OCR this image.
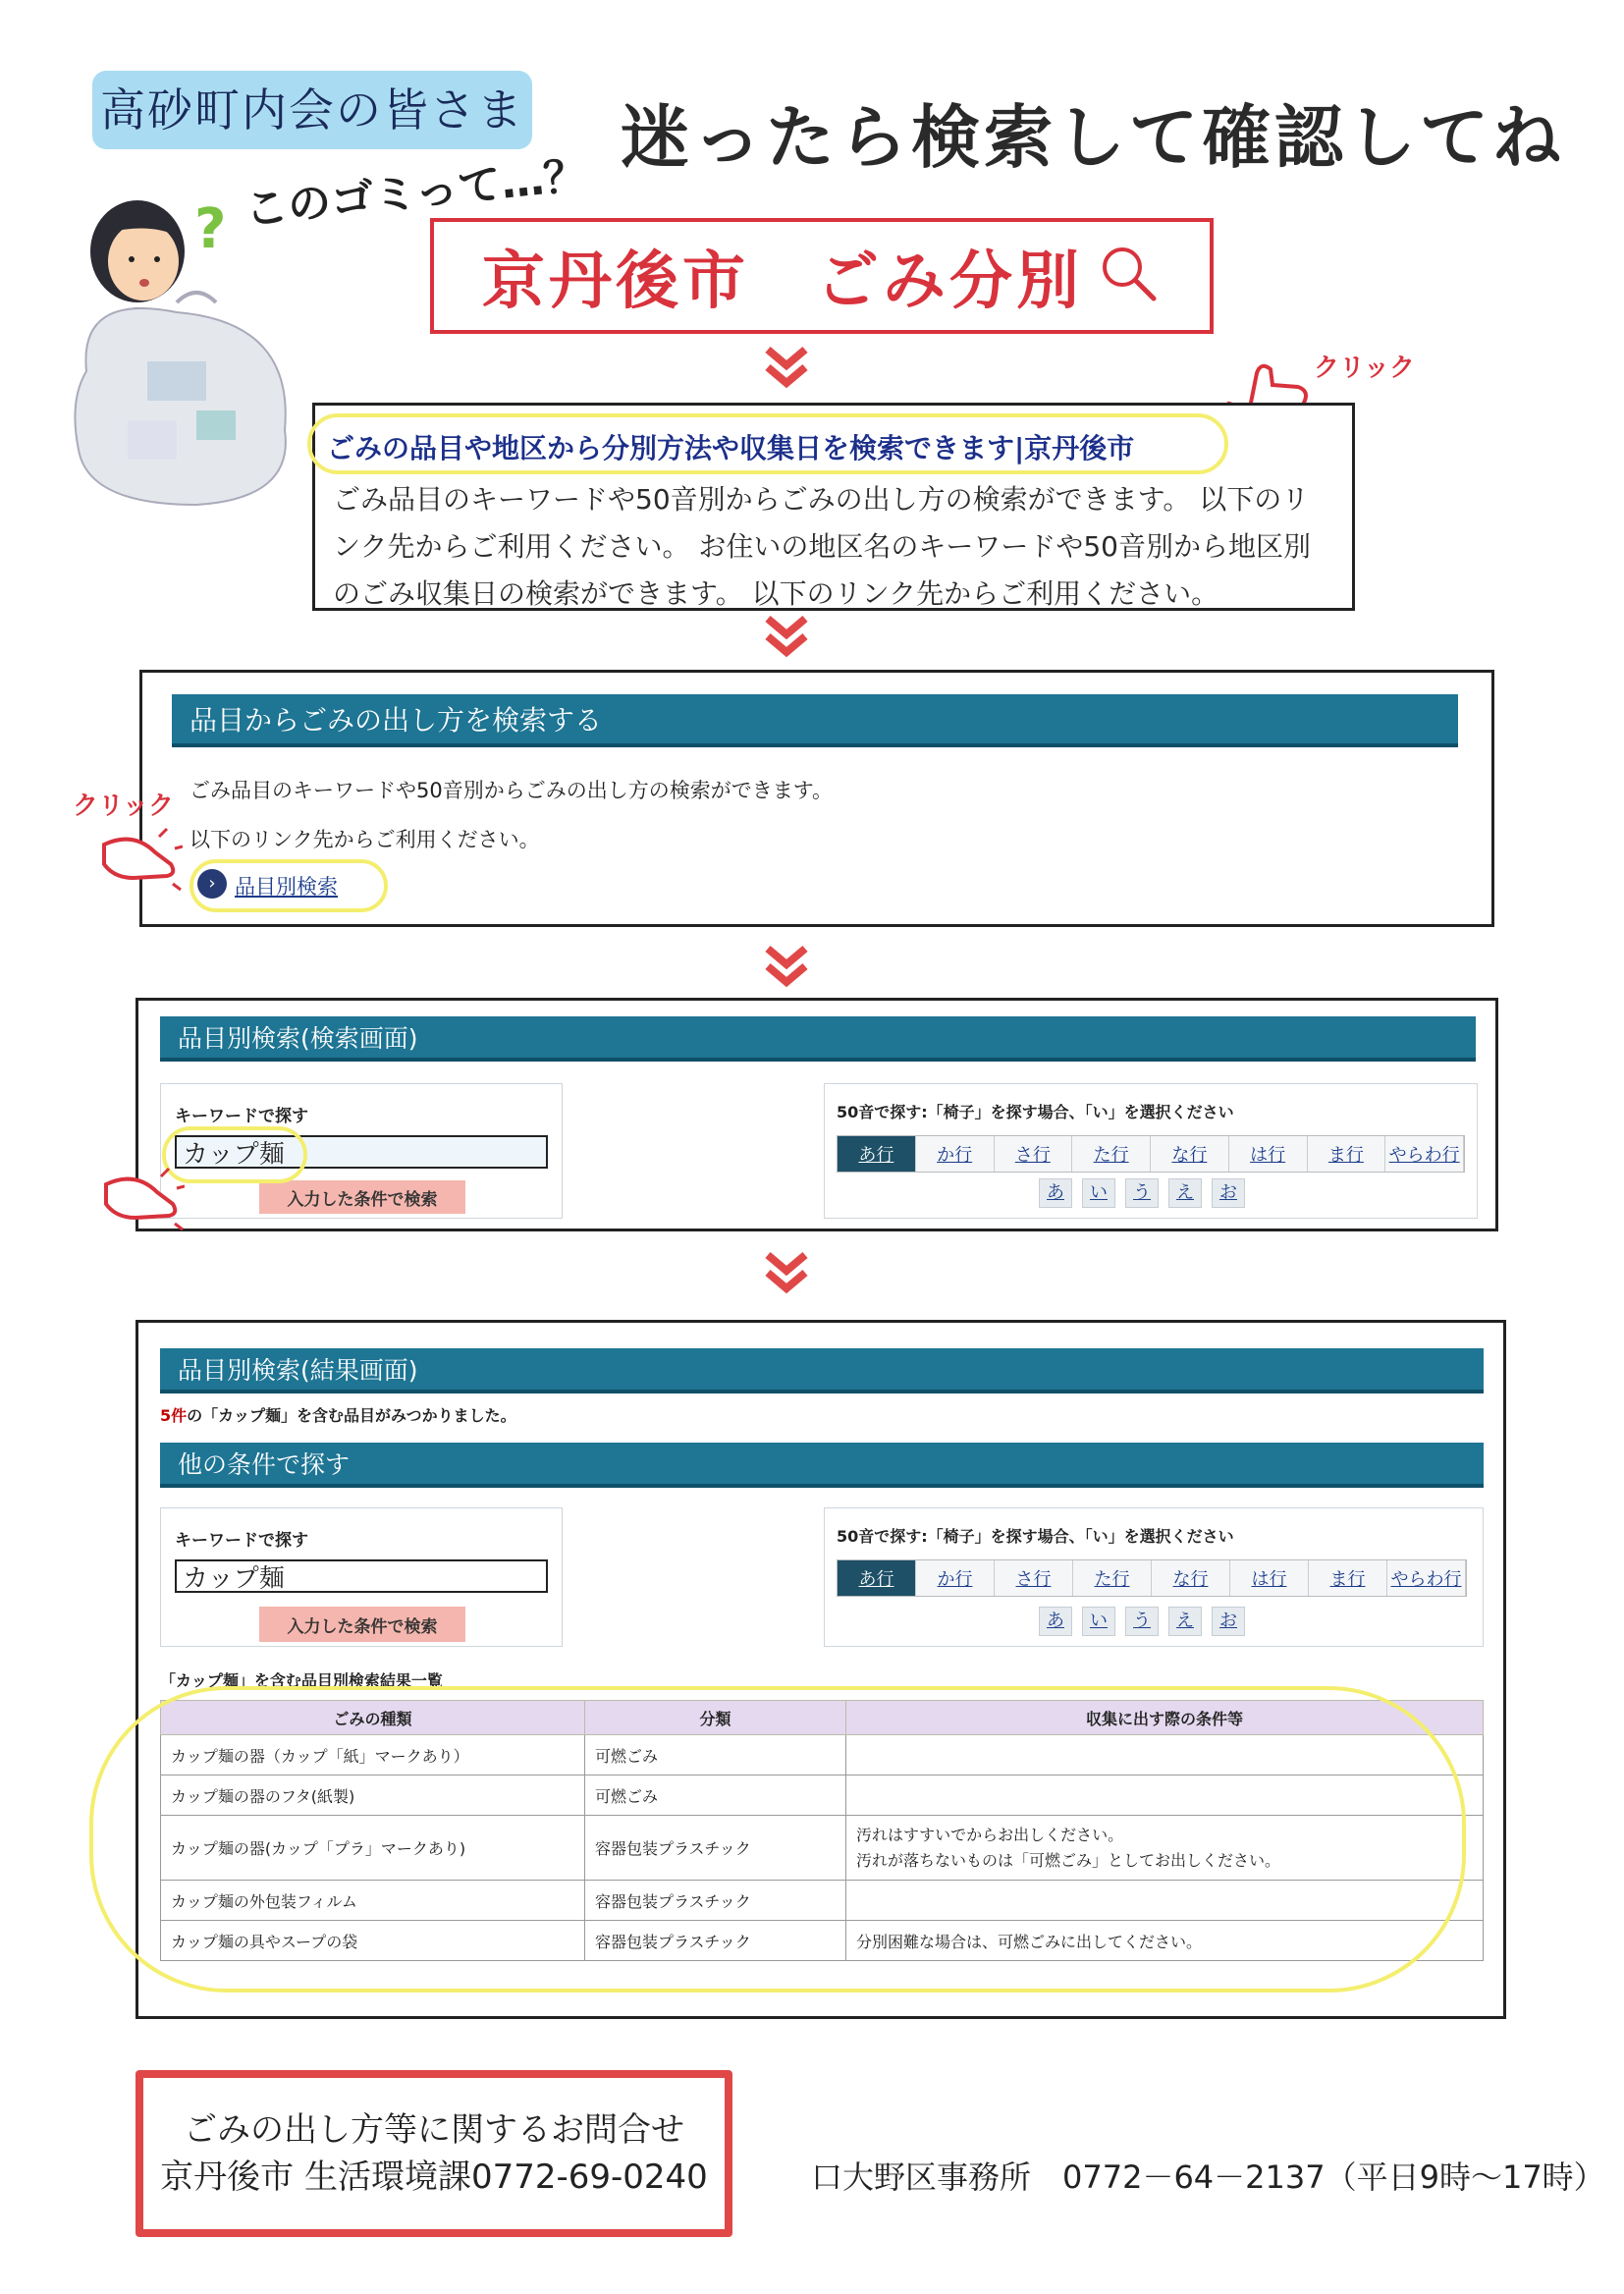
高砂町内会の皆さま 迷ったら検索して確認してね
このゴミって…？
?
京丹後市　ごみ分別
クリック
ごみの品目や地区から分別方法や収集日を検索できます|京丹後市
ごみ品目のキーワードや50音別からごみの出し方の検索ができます。 以下のリンク先からご利用ください。 お住いの地区名のキーワードや50音別から地区別のごみ収集日の検索ができます。 以下のリンク先からご利用ください。
品目からごみの出し方を検索する
ごみ品目のキーワードや50音別からごみの出し方の検索ができます。
以下のリンク先からご利用ください。
› 品目別検索
クリック
品目別検索(検索画面)
キーワードで探す
カップ麺
入力した条件で検索
50音で探す:「椅子」を探す場合、「い」を選択ください
あ行	か行	さ行	た行	な行	は行	ま行	やらわ行
あ	い	う	え	お
品目別検索(結果画面)
5件の「カップ麺」を含む品目がみつかりました。
他の条件で探す
キーワードで探す
カップ麺
入力した条件で検索
50音で探す:「椅子」を探す場合、「い」を選択ください
あ行	か行	さ行	た行	な行	は行	ま行	やらわ行
あ	い	う	え	お
「カップ麺」を含む品目別検索結果一覧
ごみの種類	分類	収集に出す際の条件等
カップ麺の器（カップ「紙」マークあり）	可燃ごみ	
カップ麺の器のフタ(紙製)	可燃ごみ	
カップ麺の器(カップ「プラ」マークあり)	容器包装プラスチック	汚れはすすいでからお出しください。
汚れが落ちないものは「可燃ごみ」としてお出しください。
カップ麺の外包装フィルム	容器包装プラスチック	
カップ麺の具やスープの袋	容器包装プラスチック	分別困難な場合は、可燃ごみに出してください。
ごみの出し方等に関するお問合せ
京丹後市 生活環境課0772-69-0240	口大野区事務所　0772－64－2137（平日9時～17時）
